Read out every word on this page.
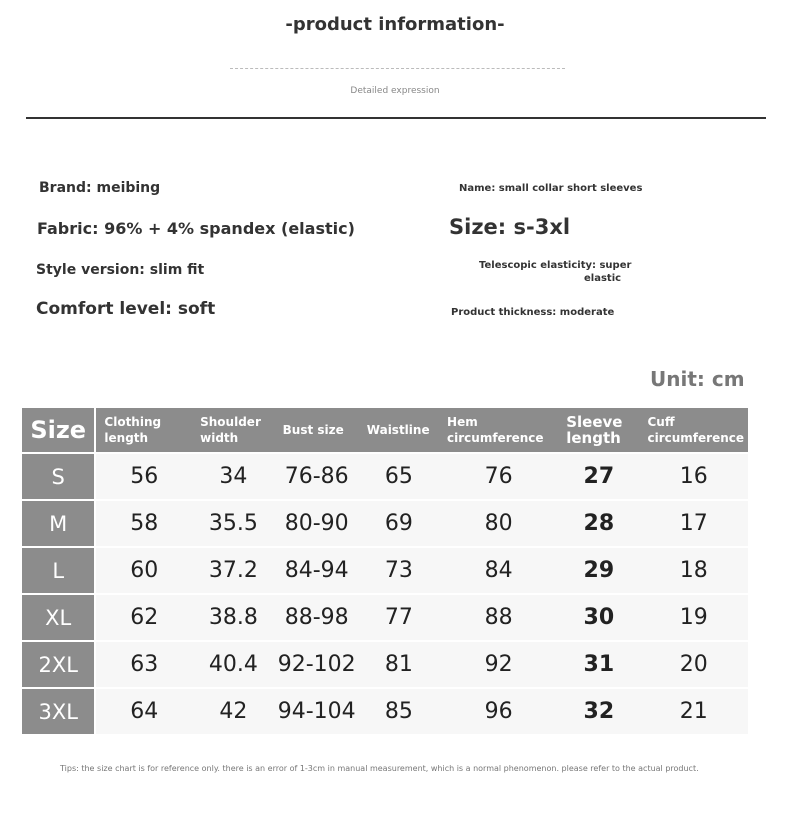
-product information-
Detailed expression
Brand: meibing
Fabric: 96% + 4% spandex (elastic)
Style version: slim fit
Comfort level: soft
Name: small collar short sleeves
Size: s-3xl
Telescopic elasticity: super
elastic
Product thickness: moderate
Unit: cm
Size	Clothing length	Shoulder width	Bust size	Waistline	Hem circumference	Sleeve length	Cuff circumference
S	56	34	76-86	65	76	27	16
M	58	35.5	80-90	69	80	28	17
L	60	37.2	84-94	73	84	29	18
XL	62	38.8	88-98	77	88	30	19
2XL	63	40.4	92-102	81	92	31	20
3XL	64	42	94-104	85	96	32	21
Tips: the size chart is for reference only. there is an error of 1-3cm in manual measurement, which is a normal phenomenon. please refer to the actual product.
